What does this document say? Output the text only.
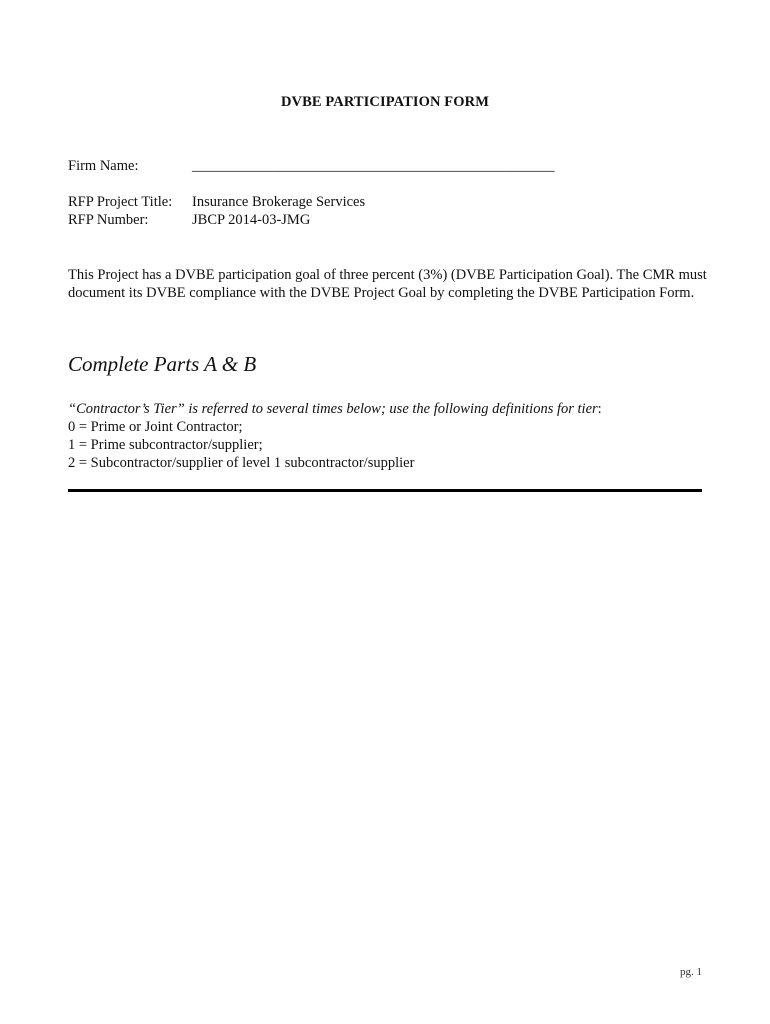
DVBE PARTICIPATION FORM
Firm Name:	__________________________________________________
RFP Project Title: Insurance Brokerage Services
RFP Number:	JBCP 2014-03-JMG
This Project has a DVBE participation goal of three percent (3%) (DVBE Participation Goal). The CMR must document its DVBE compliance with the DVBE Project Goal by completing the DVBE Participation Form.
Complete Parts A & B
“Contractor’s Tier” is referred to several times below; use the following definitions for tier:
0 = Prime or Joint Contractor;
1 = Prime subcontractor/supplier;
2 = Subcontractor/supplier of level 1 subcontractor/supplier
pg. 1
